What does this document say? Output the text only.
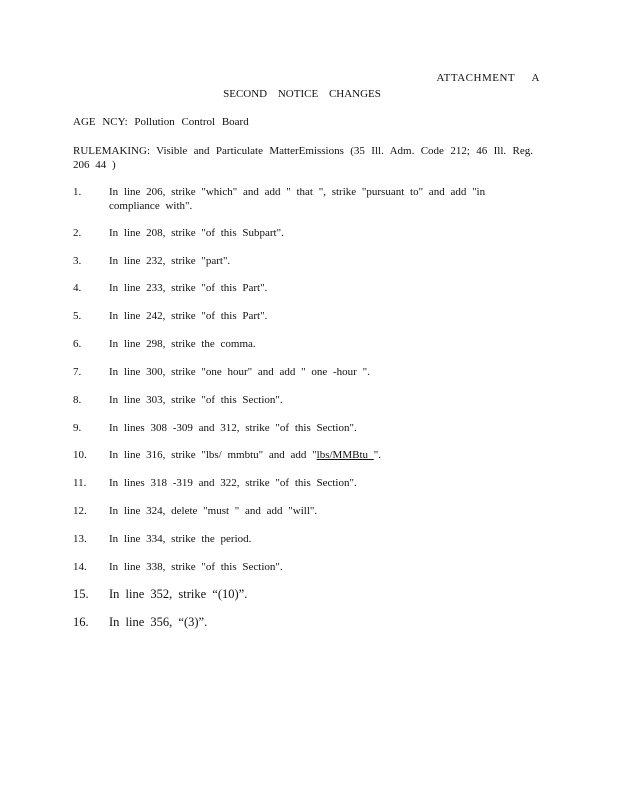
ATTACHMENT A
SECOND NOTICE CHANGES
AGE NCY: Pollution Control Board
RULEMAKING: Visible and Particulate MatterEmissions (35 Ill. Adm. Code 212; 46 Ill. Reg. 206 44 )
1.	In line 206, strike "which" and add " that ", strike "pursuant to" and add "in compliance with".
2.	In line 208, strike "of this Subpart".
3.	In line 232, strike "part".
4.	In line 233, strike "of this Part".
5.	In line 242, strike "of this Part".
6.	In line 298, strike the comma.
7.	In line 300, strike "one hour" and add " one -hour ".
8.	In line 303, strike "of this Section".
9.	In lines 308 -309 and 312, strike "of this Section".
10.	In line 316, strike "lbs/ mmbtu" and add "lbs/MMBtu ".
11.	In lines 318 -319 and 322, strike "of this Section".
12.	In line 324, delete "must " and add "will".
13.	In line 334, strike the period.
14.	In line 338, strike "of this Section".
15.	In line 352, strike “(10)”.
16.	In line 356, “(3)”.
